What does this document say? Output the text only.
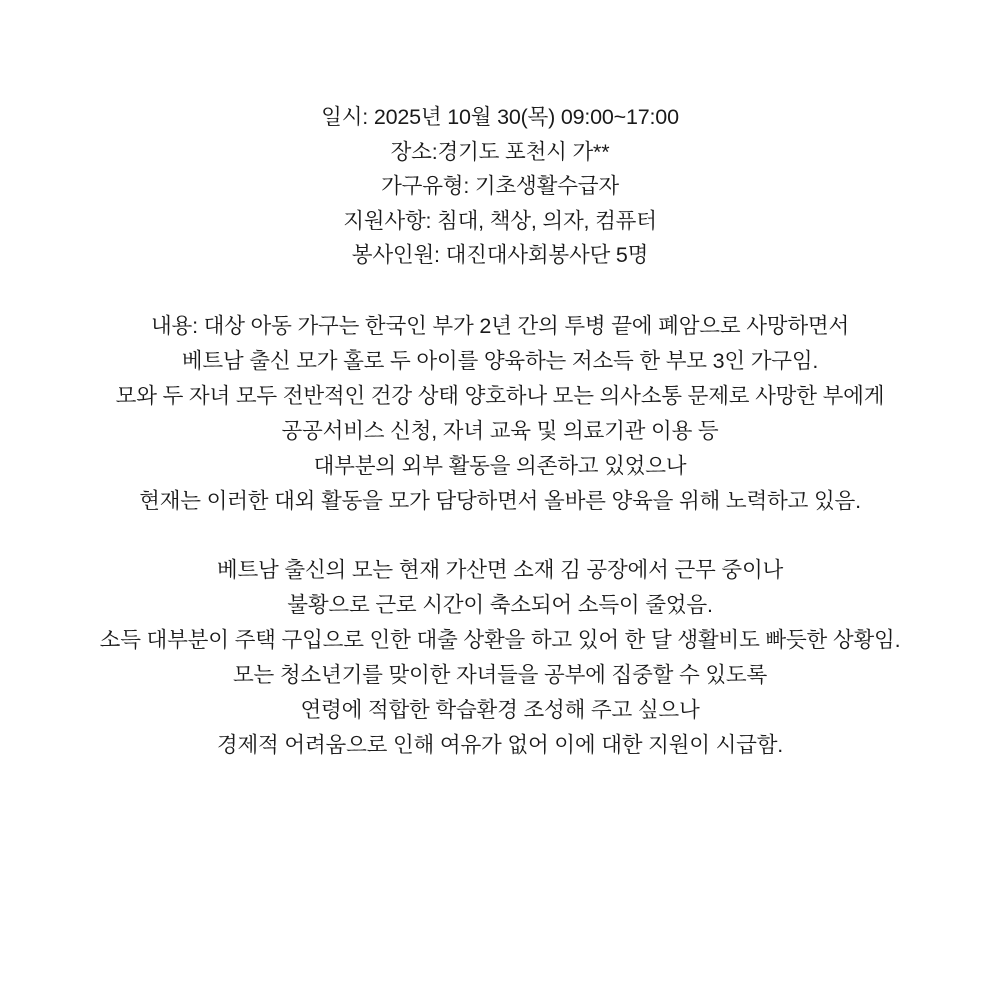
일시: 2025년 10월 30(목) 09:00~17:00
장소:경기도 포천시 가**
가구유형: 기초생활수급자
지원사항: 침대, 책상, 의자, 컴퓨터
봉사인원: 대진대사회봉사단 5명
내용: 대상 아동 가구는 한국인 부가 2년 간의 투병 끝에 폐암으로 사망하면서
베트남 출신 모가 홀로 두 아이를 양육하는 저소득 한 부모 3인 가구임.
모와 두 자녀 모두 전반적인 건강 상태 양호하나 모는 의사소통 문제로 사망한 부에게
공공서비스 신청, 자녀 교육 및 의료기관 이용 등
대부분의 외부 활동을 의존하고 있었으나
현재는 이러한 대외 활동을 모가 담당하면서 올바른 양육을 위해 노력하고 있음.
베트남 출신의 모는 현재 가산면 소재 김 공장에서 근무 중이나
불황으로 근로 시간이 축소되어 소득이 줄었음.
소득 대부분이 주택 구입으로 인한 대출 상환을 하고 있어 한 달 생활비도 빠듯한 상황임.
모는 청소년기를 맞이한 자녀들을 공부에 집중할 수 있도록
연령에 적합한 학습환경 조성해 주고 싶으나
경제적 어려움으로 인해 여유가 없어 이에 대한 지원이 시급함.
